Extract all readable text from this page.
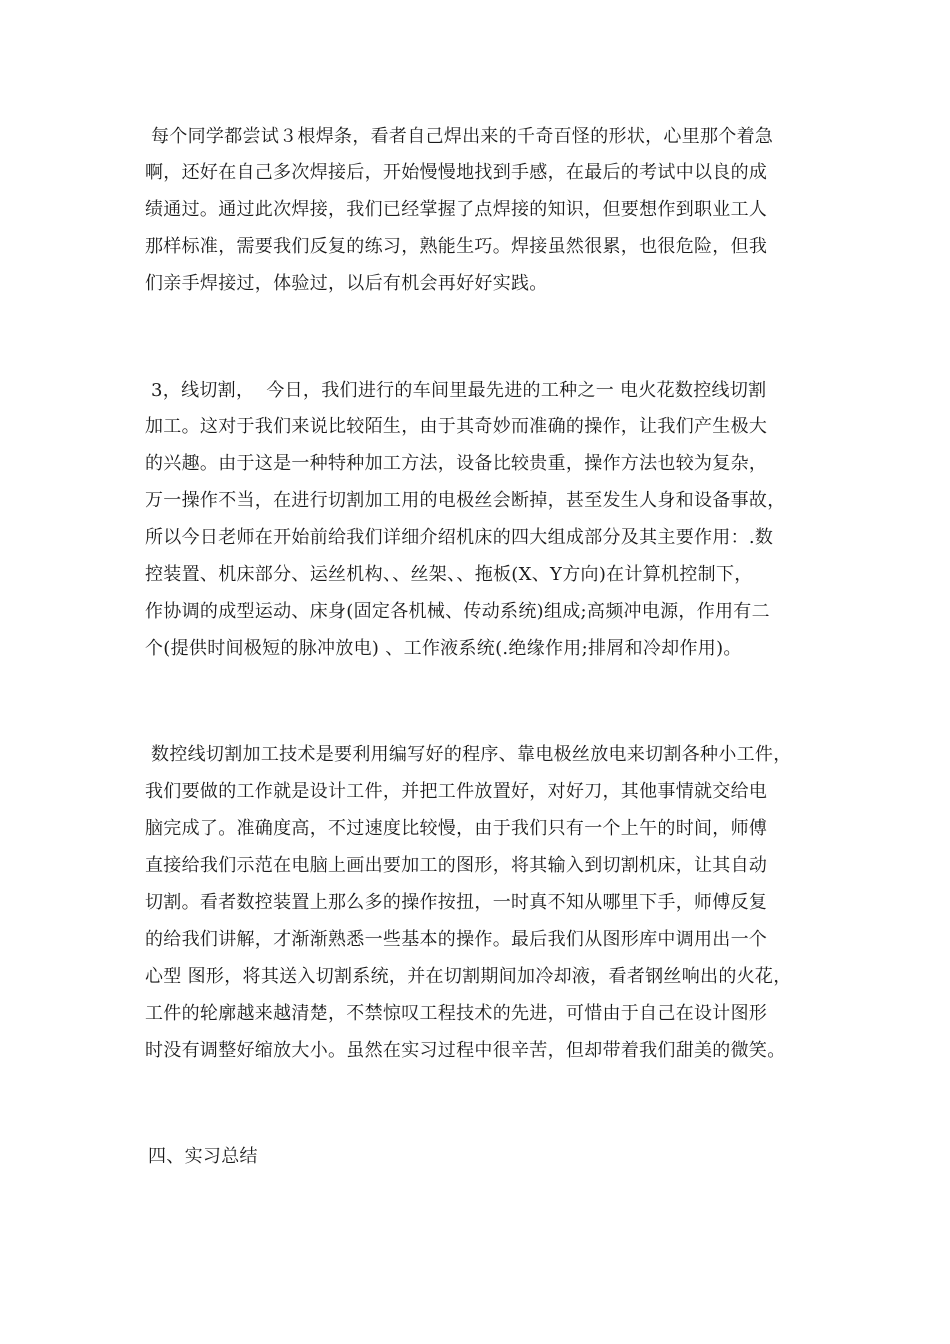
每个同学都尝试３根焊条，看者自己焊出来的千奇百怪的形状，心里那个着急
啊，还好在自己多次焊接后，开始慢慢地找到手感，在最后的考试中以良的成
绩通过。通过此次焊接，我们已经掌握了点焊接的知识，但要想作到职业工人
那样标准，需要我们反复的练习，熟能生巧。焊接虽然很累，也很危险，但我
们亲手焊接过，体验过，以后有机会再好好实践。
3，线切割，  今日，我们进行的车间里最先进的工种之一 电火花数控线切割
加工。这对于我们来说比较陌生，由于其奇妙而准确的操作，让我们产生极大
的兴趣。由于这是一种特种加工方法，设备比较贵重，操作方法也较为复杂，
万一操作不当，在进行切割加工用的电极丝会断掉，甚至发生人身和设备事故，
所以今日老师在开始前给我们详细介绍机床的四大组成部分及其主要作用：.数
控装置、机床部分、运丝机构、、丝架、、拖板(X、Y方向)在计算机控制下，
作协调的成型运动、床身(固定各机械、传动系统)组成;高频冲电源，作用有二
个(提供时间极短的脉冲放电) 、工作液系统(.绝缘作用;排屑和冷却作用)。
数控线切割加工技术是要利用编写好的程序、靠电极丝放电来切割各种小工件，
我们要做的工作就是设计工件，并把工件放置好，对好刀，其他事情就交给电
脑完成了。准确度高，不过速度比较慢，由于我们只有一个上午的时间，师傅
直接给我们示范在电脑上画出要加工的图形，将其输入到切割机床，让其自动
切割。看者数控装置上那么多的操作按扭，一时真不知从哪里下手，师傅反复
的给我们讲解，才渐渐熟悉一些基本的操作。最后我们从图形库中调用出一个
心型 图形，将其送入切割系统，并在切割期间加冷却液，看者钢丝响出的火花，
工件的轮廓越来越清楚，不禁惊叹工程技术的先进，可惜由于自己在设计图形
时没有调整好缩放大小。虽然在实习过程中很辛苦，但却带着我们甜美的微笑。
四、实习总结
